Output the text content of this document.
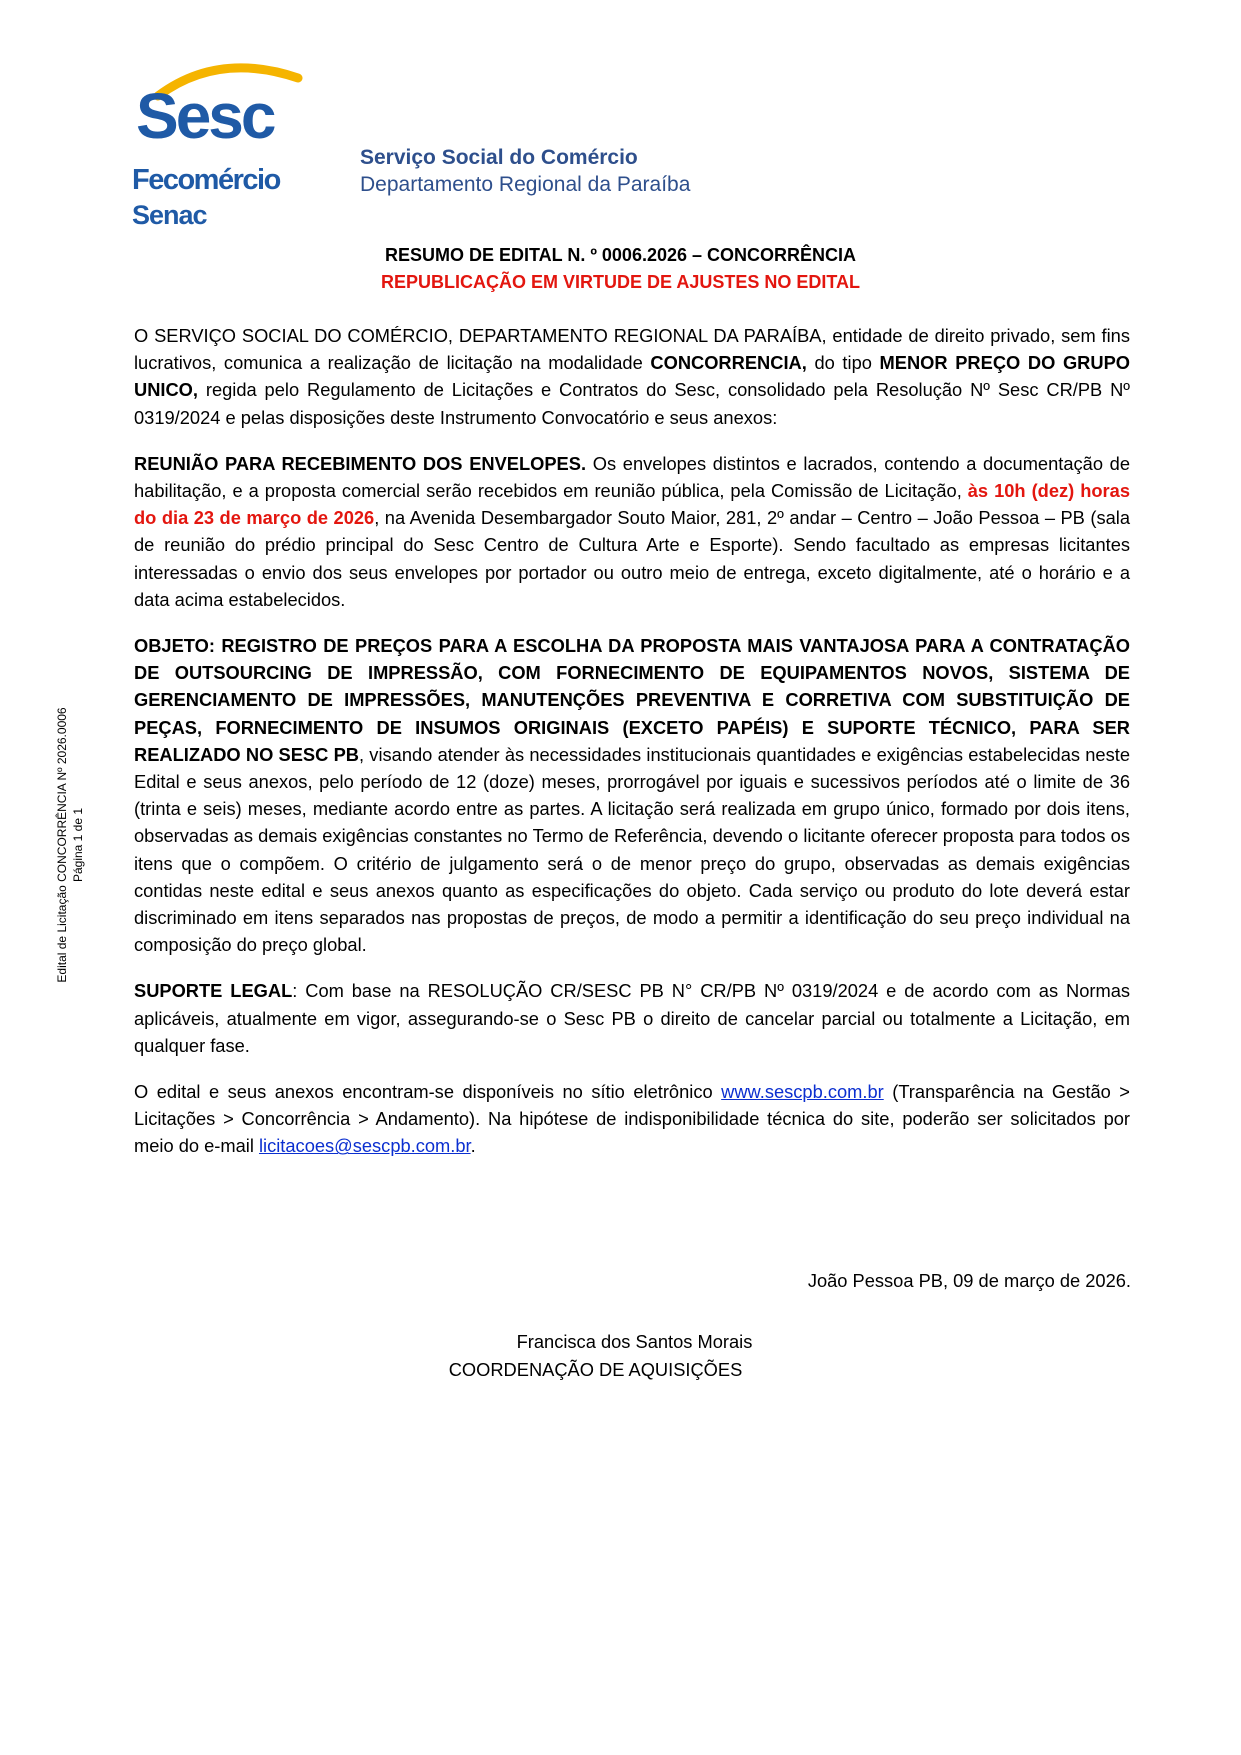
Sesc
Fecomércio
Senac
Serviço Social do Comércio
Departamento Regional da Paraíba
RESUMO DE EDITAL N. º 0006.2026 – CONCORRÊNCIA
REPUBLICAÇÃO EM VIRTUDE DE AJUSTES NO EDITAL
Edital de Licitação CONCORRÊNCIA Nº 2026.0006 Página 1 de 1

O SERVIÇO SOCIAL DO COMÉRCIO, DEPARTAMENTO REGIONAL DA PARAÍBA, entidade de direito privado, sem fins lucrativos, comunica a realização de licitação na modalidade CONCORRENCIA, do tipo MENOR PREÇO DO GRUPO UNICO, regida pelo Regulamento de Licitações e Contratos do Sesc, consolidado pela Resolução Nº Sesc CR/PB Nº 0319/2024 e pelas disposições deste Instrumento Convocatório e seus anexos:

REUNIÃO PARA RECEBIMENTO DOS ENVELOPES. Os envelopes distintos e lacrados, contendo a documentação de habilitação, e a proposta comercial serão recebidos em reunião pública, pela Comissão de Licitação, às 10h (dez) horas do dia 23 de março de 2026, na Avenida Desembargador Souto Maior, 281, 2º andar – Centro – João Pessoa – PB (sala de reunião do prédio principal do Sesc Centro de Cultura Arte e Esporte). Sendo facultado as empresas licitantes interessadas o envio dos seus envelopes por portador ou outro meio de entrega, exceto digitalmente, até o horário e a data acima estabelecidos.

OBJETO: REGISTRO DE PREÇOS PARA A ESCOLHA DA PROPOSTA MAIS VANTAJOSA PARA A CONTRATAÇÃO DE OUTSOURCING DE IMPRESSÃO, COM FORNECIMENTO DE EQUIPAMENTOS NOVOS, SISTEMA DE GERENCIAMENTO DE IMPRESSÕES, MANUTENÇÕES PREVENTIVA E CORRETIVA COM SUBSTITUIÇÃO DE PEÇAS, FORNECIMENTO DE INSUMOS ORIGINAIS (EXCETO PAPÉIS) E SUPORTE TÉCNICO, PARA SER REALIZADO NO SESC PB, visando atender às necessidades institucionais quantidades e exigências estabelecidas neste Edital e seus anexos, pelo período de 12 (doze) meses, prorrogável por iguais e sucessivos períodos até o limite de 36 (trinta e seis) meses, mediante acordo entre as partes. A licitação será realizada em grupo único, formado por dois itens, observadas as demais exigências constantes no Termo de Referência, devendo o licitante oferecer proposta para todos os itens que o compõem. O critério de julgamento será o de menor preço do grupo, observadas as demais exigências contidas neste edital e seus anexos quanto as especificações do objeto. Cada serviço ou produto do lote deverá estar discriminado em itens separados nas propostas de preços, de modo a permitir a identificação do seu preço individual na composição do preço global.

SUPORTE LEGAL: Com base na RESOLUÇÃO CR/SESC PB N° CR/PB Nº 0319/2024 e de acordo com as Normas aplicáveis, atualmente em vigor, assegurando-se o Sesc PB o direito de cancelar parcial ou totalmente a Licitação, em qualquer fase.

O edital e seus anexos encontram-se disponíveis no sítio eletrônico www.sescpb.com.br (Transparência na Gestão > Licitações > Concorrência > Andamento). Na hipótese de indisponibilidade técnica do site, poderão ser solicitados por meio do e-mail licitacoes@sescpb.com.br.

João Pessoa PB, 09 de março de 2026.
Francisca dos Santos Morais
COORDENAÇÃO DE AQUISIÇÕES
